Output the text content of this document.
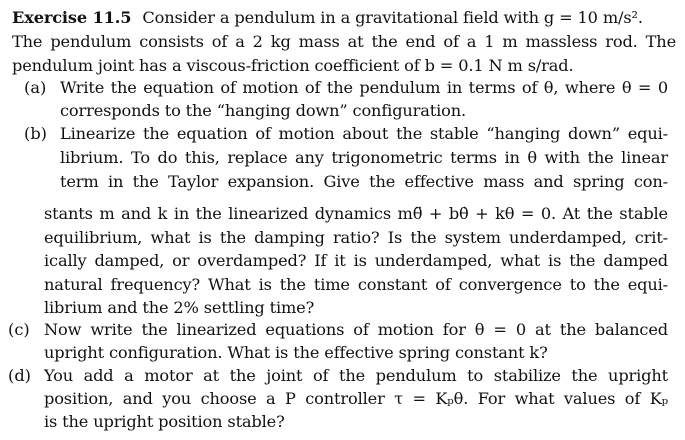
Exercise 11.5 Consider a pendulum in a gravitational field with g = 10 m/s².
The pendulum consists of a 2 kg mass at the end of a 1 m massless rod. The
pendulum joint has a viscous-friction coefficient of b = 0.1 N m s/rad.
(a) Write the equation of motion of the pendulum in terms of θ, where θ = 0
corresponds to the “hanging down” configuration.
(b) Linearize the equation of motion about the stable “hanging down” equi-
librium. To do this, replace any trigonometric terms in θ with the linear
term in the Taylor expansion. Give the effective mass and spring con-
stants m and k in the linearized dynamics mθ̈ + bθ̇ + kθ = 0. At the stable
equilibrium, what is the damping ratio? Is the system underdamped, crit-
ically damped, or overdamped? If it is underdamped, what is the damped
natural frequency? What is the time constant of convergence to the equi-
librium and the 2% settling time?
(c) Now write the linearized equations of motion for θ = 0 at the balanced
upright configuration. What is the effective spring constant k?
(d) You add a motor at the joint of the pendulum to stabilize the upright
position, and you choose a P controller τ = Kₚθ. For what values of Kₚ
is the upright position stable?
